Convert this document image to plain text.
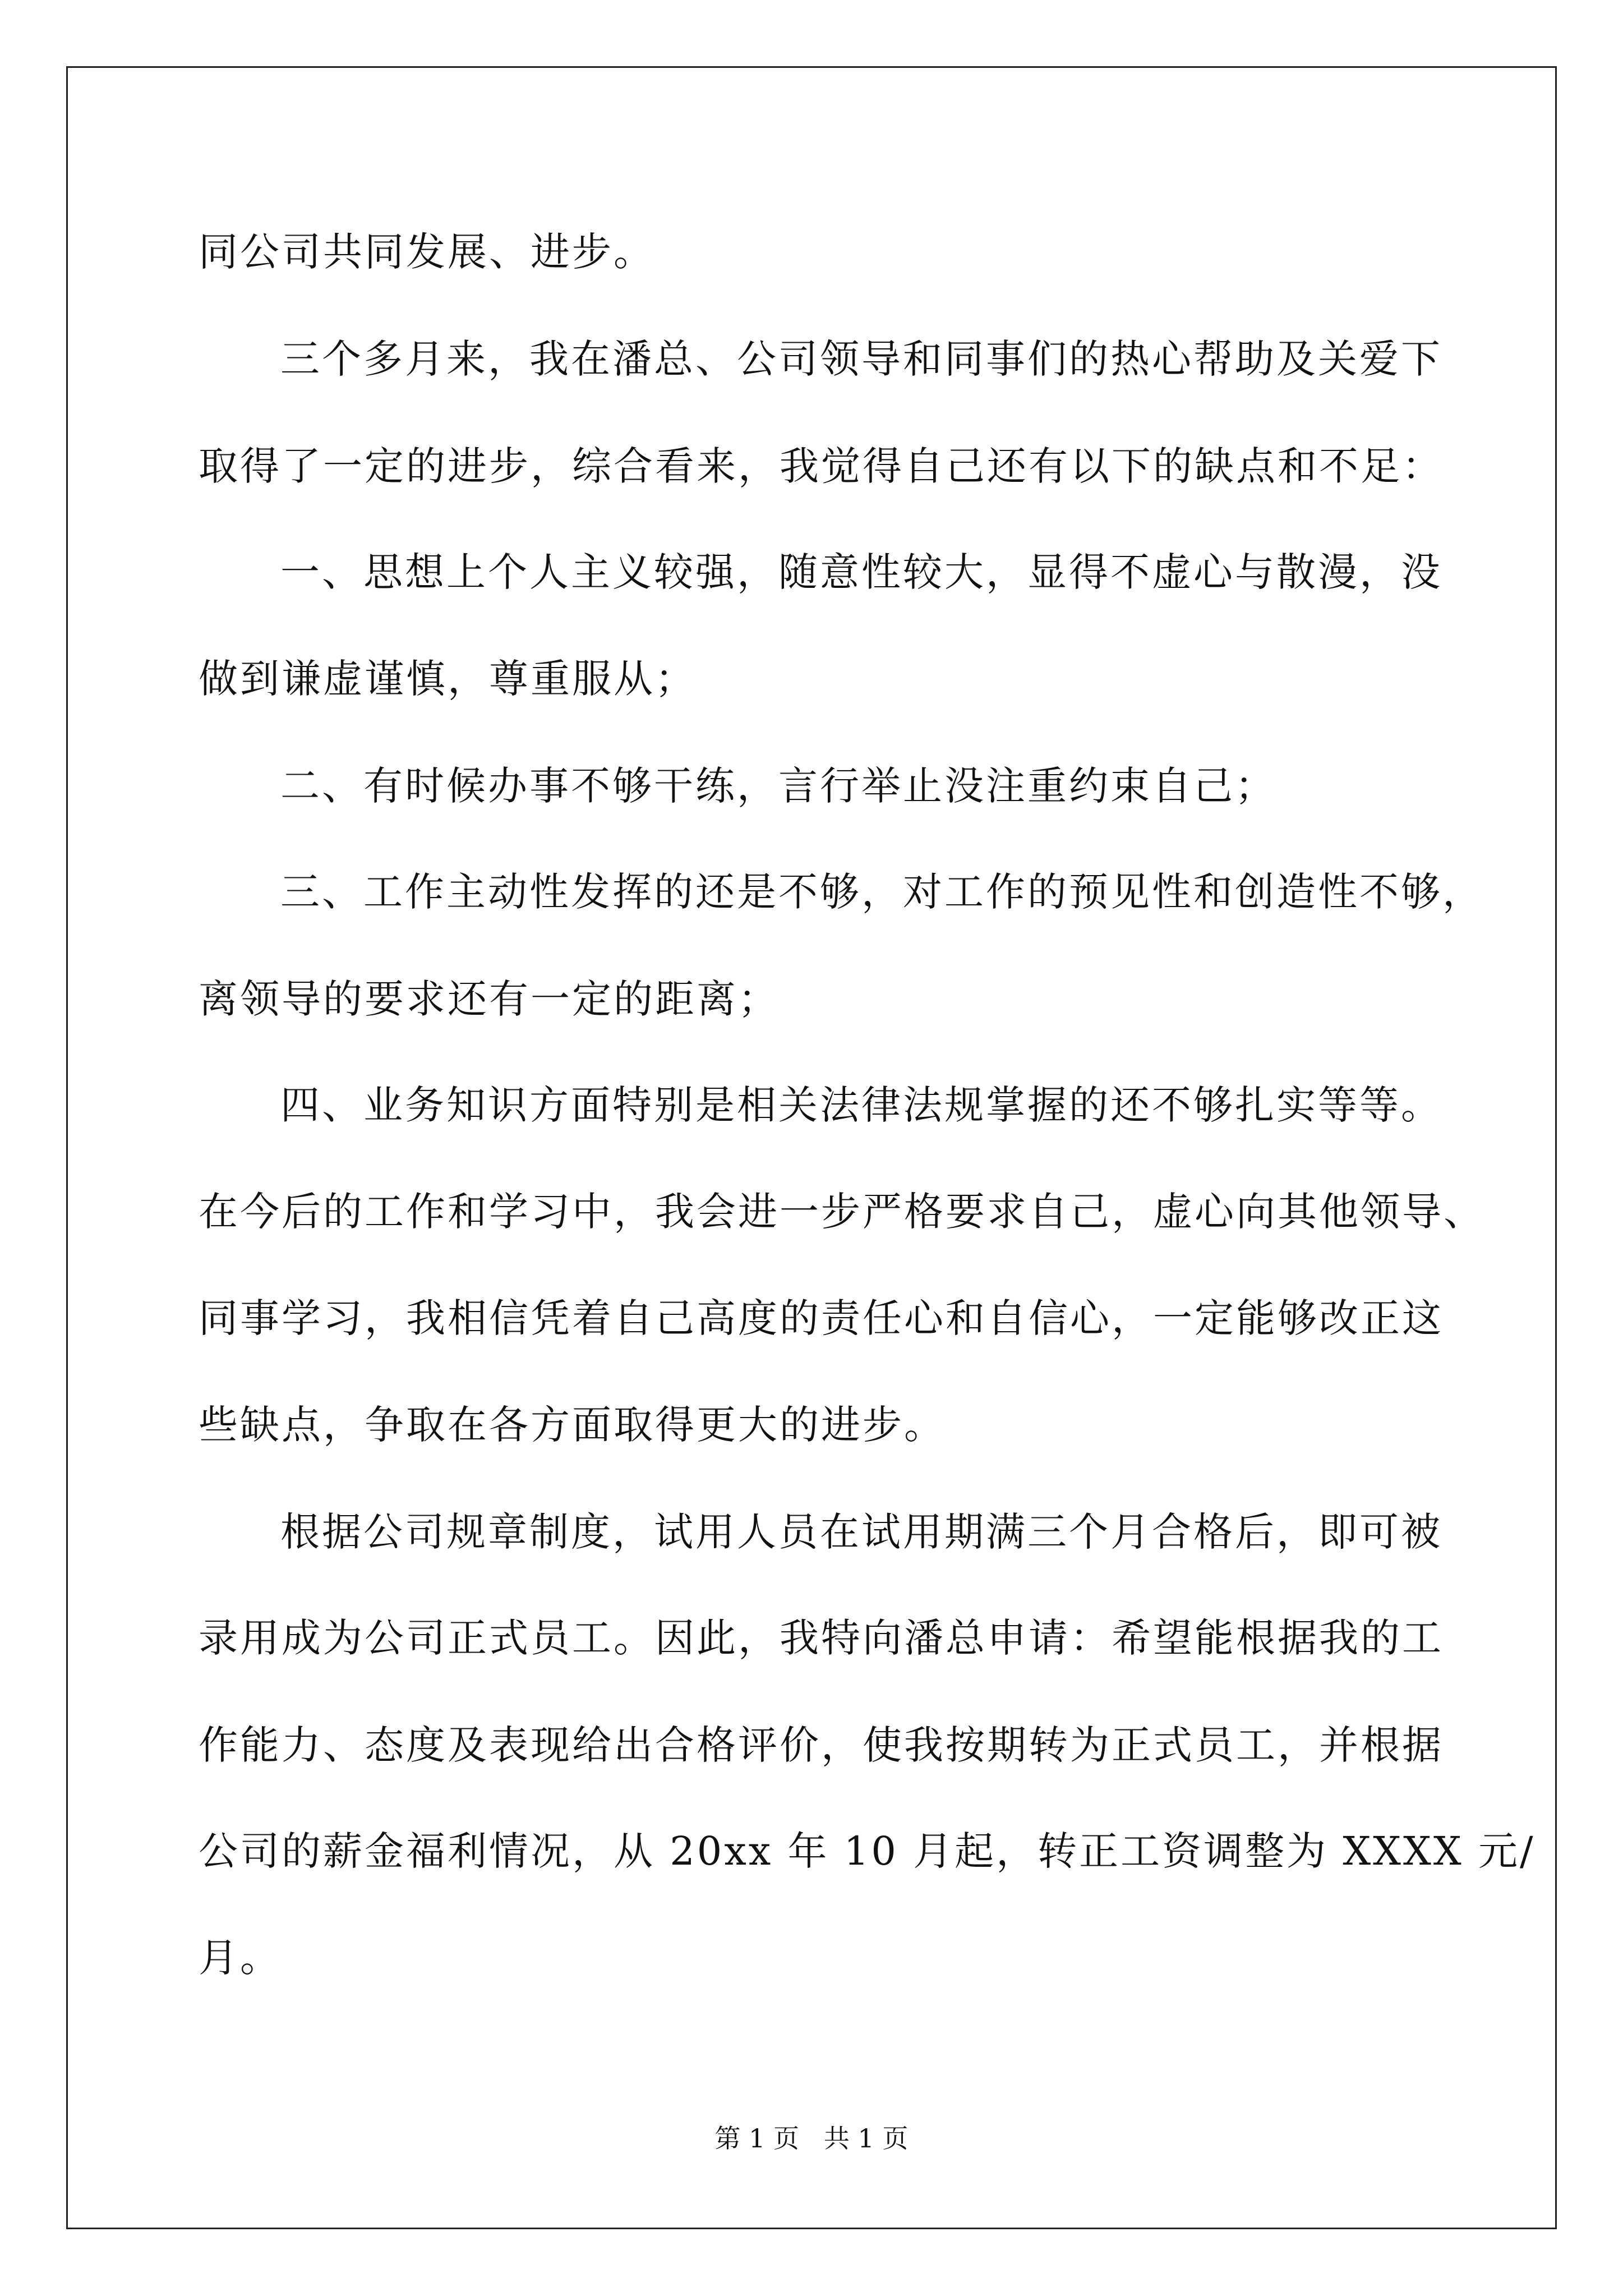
同公司共同发展、进步。
三个多月来，我在潘总、公司领导和同事们的热心帮助及关爱下
取得了一定的进步，综合看来，我觉得自己还有以下的缺点和不足：
一、思想上个人主义较强，随意性较大，显得不虚心与散漫，没
做到谦虚谨慎，尊重服从；
二、有时候办事不够干练，言行举止没注重约束自己；
三、工作主动性发挥的还是不够，对工作的预见性和创造性不够，
离领导的要求还有一定的距离；
四、业务知识方面特别是相关法律法规掌握的还不够扎实等等。
在今后的工作和学习中，我会进一步严格要求自己，虚心向其他领导、
同事学习，我相信凭着自己高度的责任心和自信心，一定能够改正这
些缺点，争取在各方面取得更大的进步。
根据公司规章制度，试用人员在试用期满三个月合格后，即可被
录用成为公司正式员工。因此，我特向潘总申请：希望能根据我的工
作能力、态度及表现给出合格评价，使我按期转为正式员工，并根据
公司的薪金福利情况，从 20xx 年 10 月起，转正工资调整为 XXXX 元/
月。
第 1 页   共 1 页
